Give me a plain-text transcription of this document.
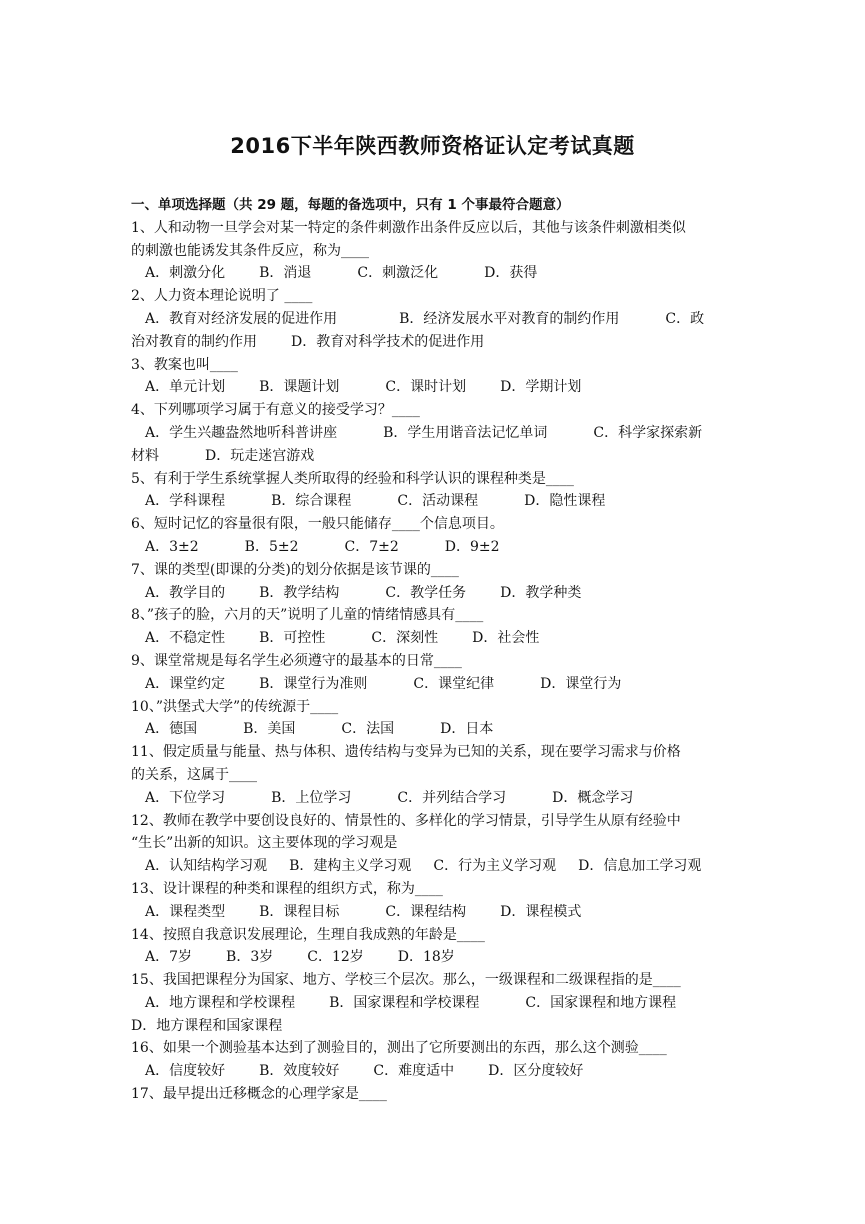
2016下半年陕西教师资格证认定考试真题
一、单项选择题（共 29 题，每题的备选项中，只有 1 个事最符合题意）
1、人和动物一旦学会对某一特定的条件刺激作出条件反应以后，其他与该条件刺激相类似
的刺激也能诱发其条件反应，称为____
A．刺激分化 B．消退	C．刺激泛化	D．获得
2、人力资本理论说明了 ____
A．教育对经济发展的促进作用	B．经济发展水平对教育的制约作用	C．政
治对教育的制约作用 D．教育对科学技术的促进作用
3、教案也叫____
A．单元计划 B．课题计划	C．课时计划 D．学期计划
4、下列哪项学习属于有意义的接受学习？____
A．学生兴趣盎然地听科普讲座	B．学生用谐音法记忆单词	C．科学家探索新
材料	D．玩走迷宫游戏
5、有利于学生系统掌握人类所取得的经验和科学认识的课程种类是____
A．学科课程	B．综合课程	C．活动课程	D．隐性课程
6、短时记忆的容量很有限，一般只能储存____个信息项目。
A．3±2	B．5±2	C．7±2	D．9±2
7、课的类型(即课的分类)的划分依据是该节课的____
A．教学目的 B．教学结构	C．教学任务 D．教学种类
8、”孩子的脸，六月的天”说明了儿童的情绪情感具有____
A．不稳定性 B．可控性	C．深刻性 D．社会性
9、课堂常规是每名学生必须遵守的最基本的日常____
A．课堂约定 B．课堂行为准则	C．课堂纪律	D．课堂行为
10、”洪堡式大学”的传统源于____
A．德国	B．美国	C．法国	D．日本
11、假定质量与能量、热与体积、遗传结构与变异为已知的关系，现在要学习需求与价格
的关系，这属于____
A．下位学习	B．上位学习	C．并列结合学习	D．概念学习
12、教师在教学中要创设良好的、情景性的、多样化的学习情景，引导学生从原有经验中
“生长”出新的知识。这主要体现的学习观是
A．认知结构学习观 B．建构主义学习观 C．行为主义学习观 D．信息加工学习观
13、设计课程的种类和课程的组织方式，称为____
A．课程类型 B．课程目标	C．课程结构 D．课程模式
14、按照自我意识发展理论，生理自我成熟的年龄是____
A．7岁 B．3岁 C．12岁 D．18岁
15、我国把课程分为国家、地方、学校三个层次。那么，一级课程和二级课程指的是____
A．地方课程和学校课程 B．国家课程和学校课程	C．国家课程和地方课程
D．地方课程和国家课程
16、如果一个测验基本达到了测验目的，测出了它所要测出的东西，那么这个测验____
A．信度较好 B．效度较好 C．难度适中 D．区分度较好
17、最早提出迁移概念的心理学家是____
